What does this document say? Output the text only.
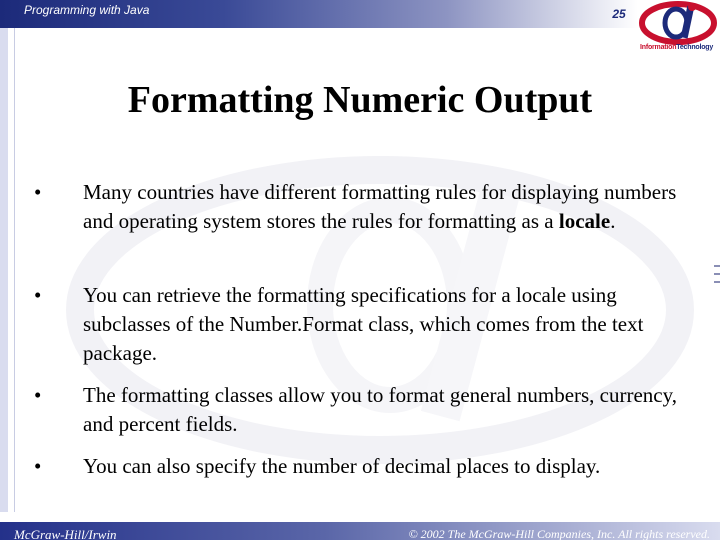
Programming with Java	25
InformationTechnology
Formatting Numeric Output
• Many countries have different formatting rules for displaying numbers and operating system stores the rules for formatting as a locale.
• You can retrieve the formatting specifications for a locale using subclasses of the Number.Format class, which comes from the text package.
• The formatting classes allow you to format general numbers, currency, and percent fields.
• You can also specify the number of decimal places to display.
McGraw-Hill/Irwin	© 2002 The McGraw-Hill Companies, Inc. All rights reserved.
